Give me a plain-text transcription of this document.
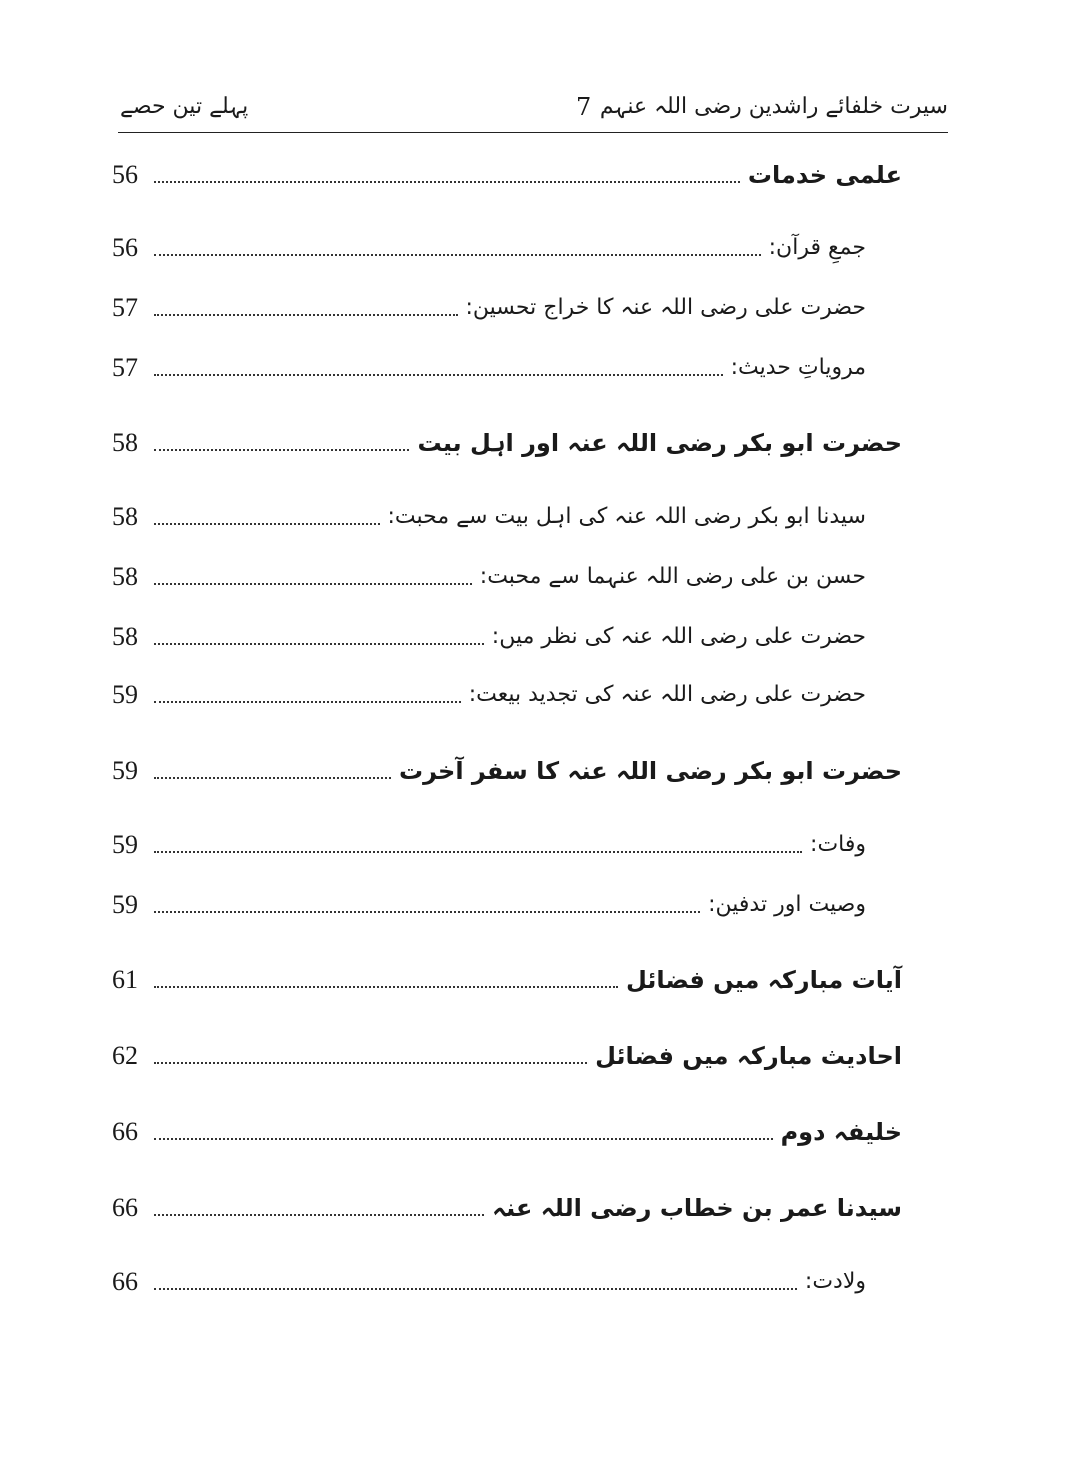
پہلے تین حصے	7 سیرت خلفائے راشدین رضی اللہ عنہم
56	علمی خدمات
56	جمعِ قرآن:
57	حضرت علی رضی اللہ عنہ کا خراج تحسین:
57	مرویاتِ حدیث:
58	حضرت ابو بکر رضی اللہ عنہ اور اہل بیت
58	سیدنا ابو بکر رضی اللہ عنہ کی اہل بیت سے محبت:
58	حسن بن علی رضی اللہ عنہما سے محبت:
58	حضرت علی رضی اللہ عنہ کی نظر میں:
59	حضرت علی رضی اللہ عنہ کی تجدید بیعت:
59	حضرت ابو بکر رضی اللہ عنہ کا سفر آخرت
59	وفات:
59	وصیت اور تدفین:
61	آیات مبارکہ میں فضائل
62	احادیث مبارکہ میں فضائل
66	خلیفہ دوم
66	سیدنا عمر بن خطاب رضی اللہ عنہ
66	ولادت:
